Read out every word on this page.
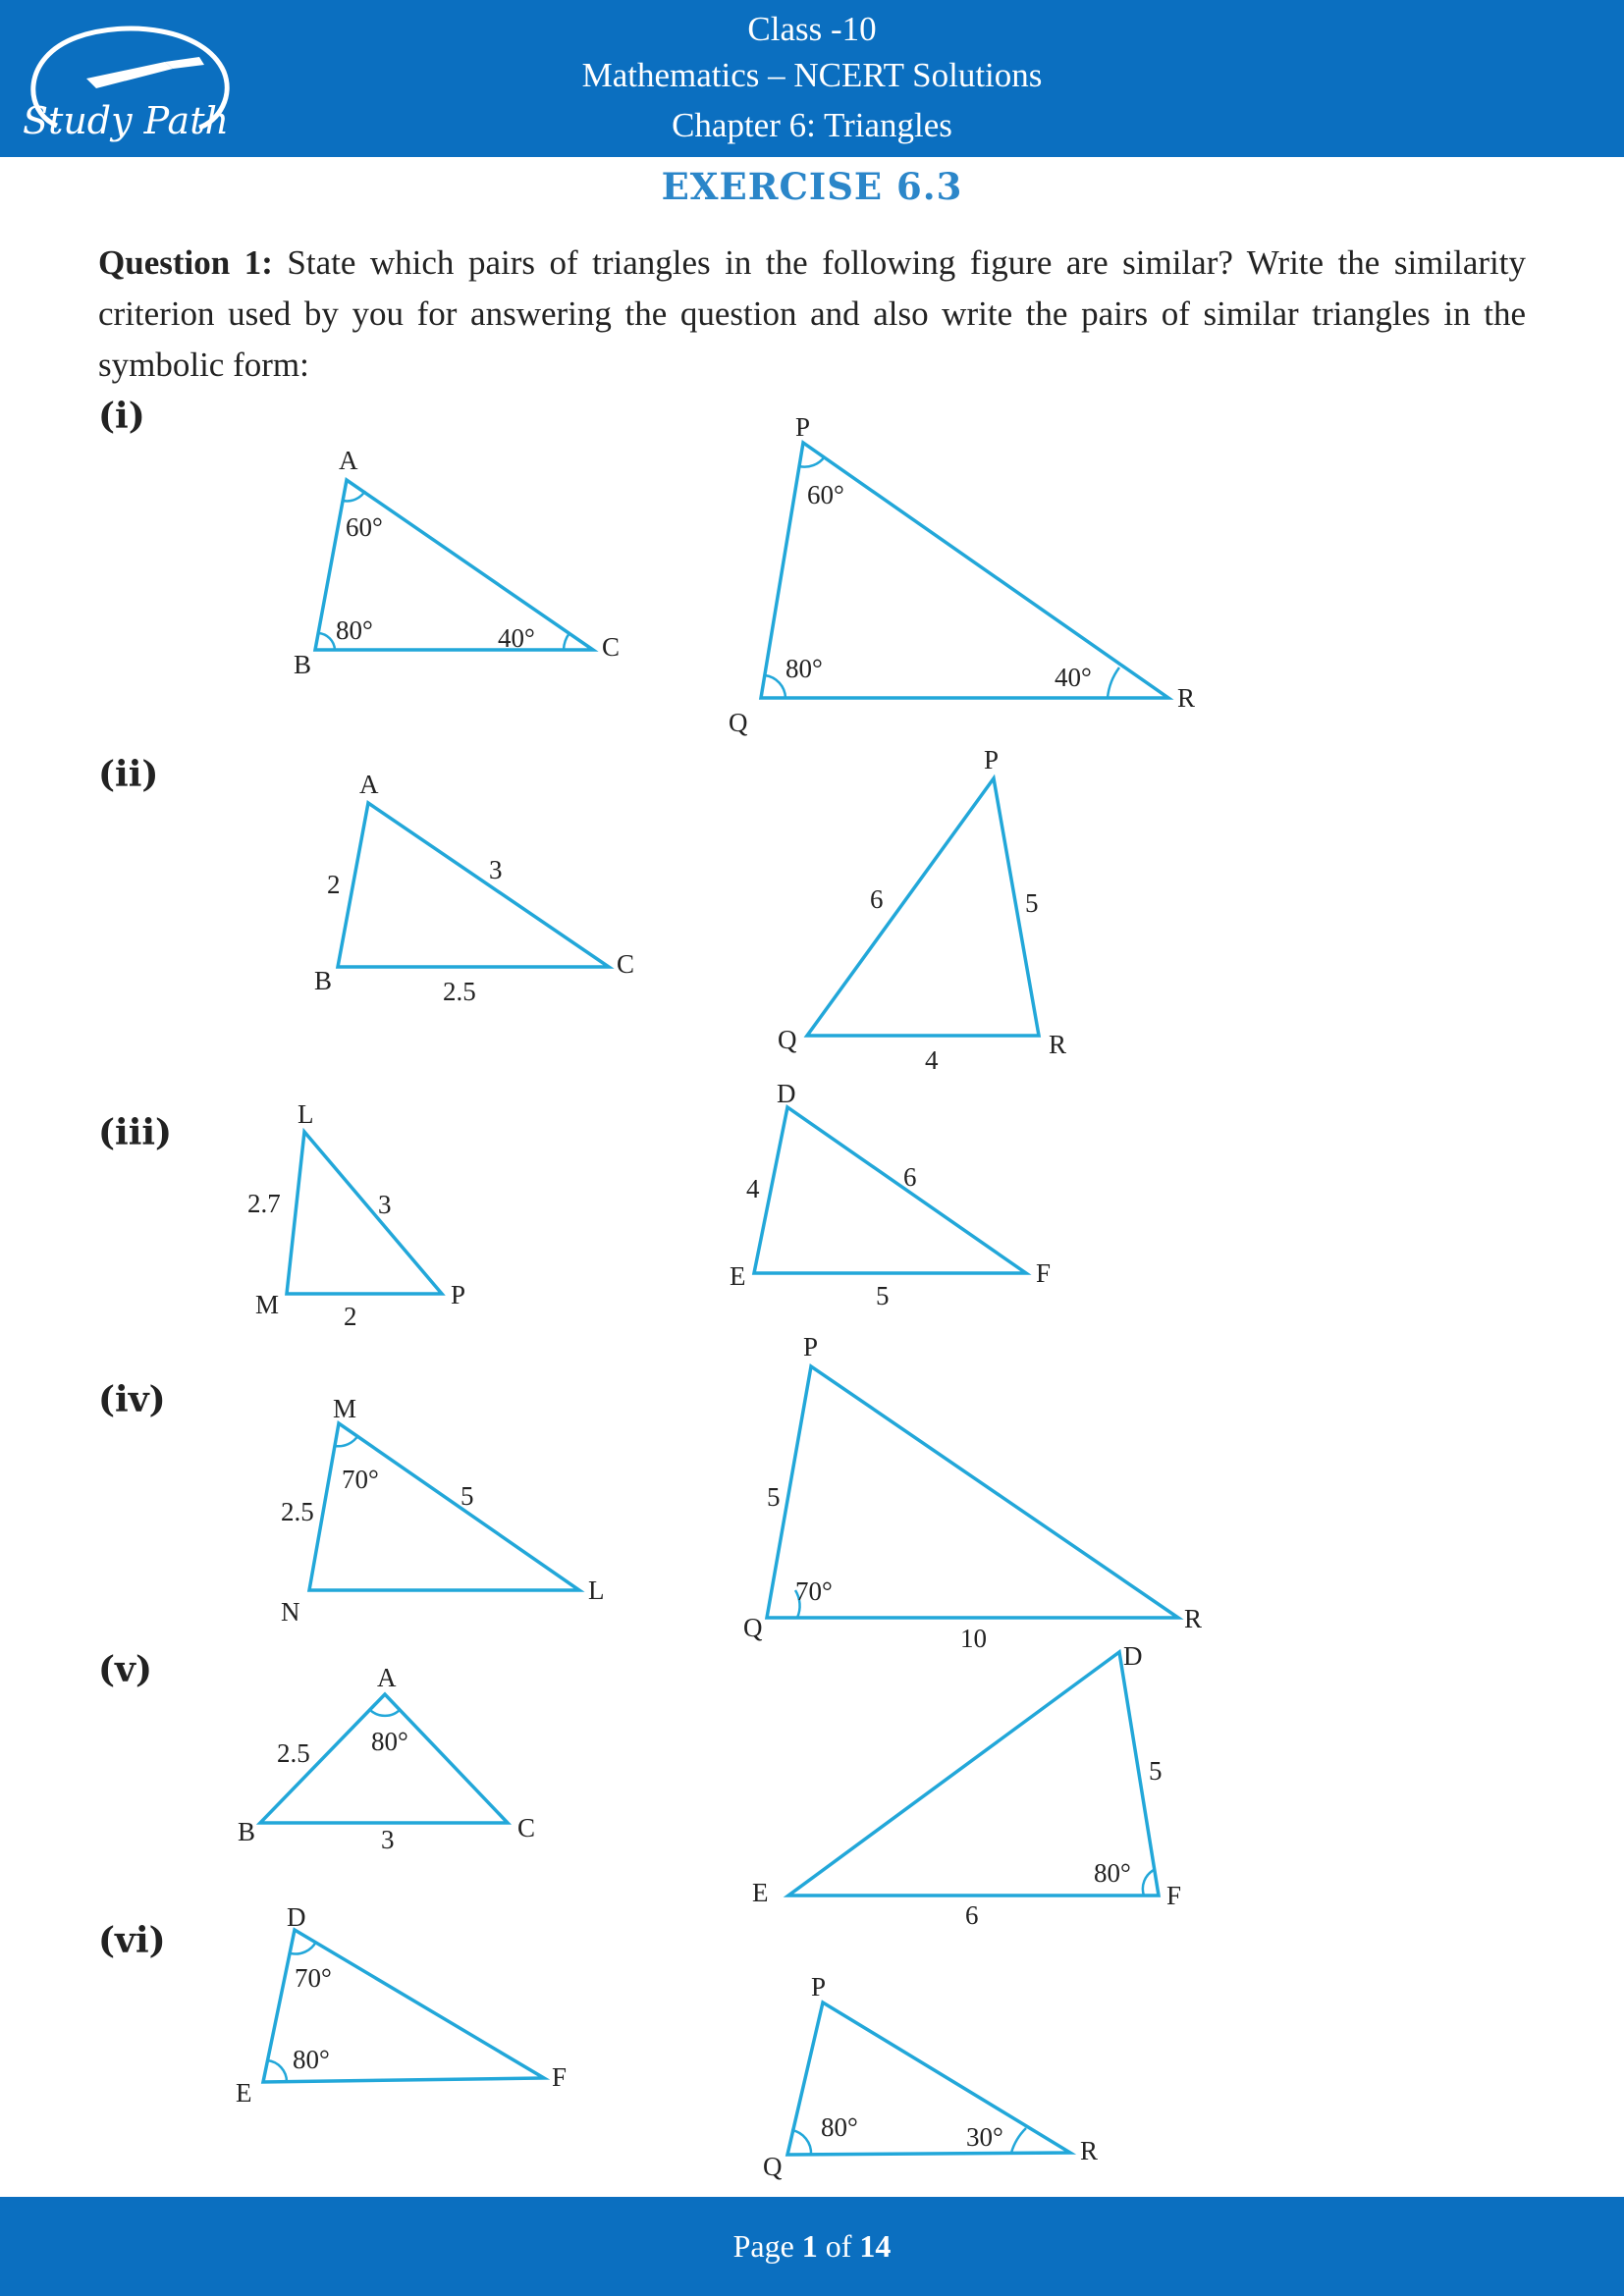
Study Path
Class -10
Mathematics – NCERT Solutions
Chapter 6: Triangles
EXERCISE 6.3
Question 1: State which pairs of triangles in the following figure are similar? Write the similarity criterion used by you for answering the question and also write the pairs of similar triangles in the symbolic form:
(i)
(ii)
(iii)
(iv)
(v)
(vi)
A
B
C
60°
80°	40°
P
Q
R
60°
80°	40°
A
B
C
2	3
2.5
P
Q	R
6	5
4
L
M	P
2.7	3
2
D
E	F
4	6
5
M
N
L
70°
2.5
5
P
Q	R
70°
5
10
A
B	C
80°
2.5
3
D
E	F
80°
5
6
D
E
F
70°
80°
P
Q
R
80°	30°
Page 1 of 14
